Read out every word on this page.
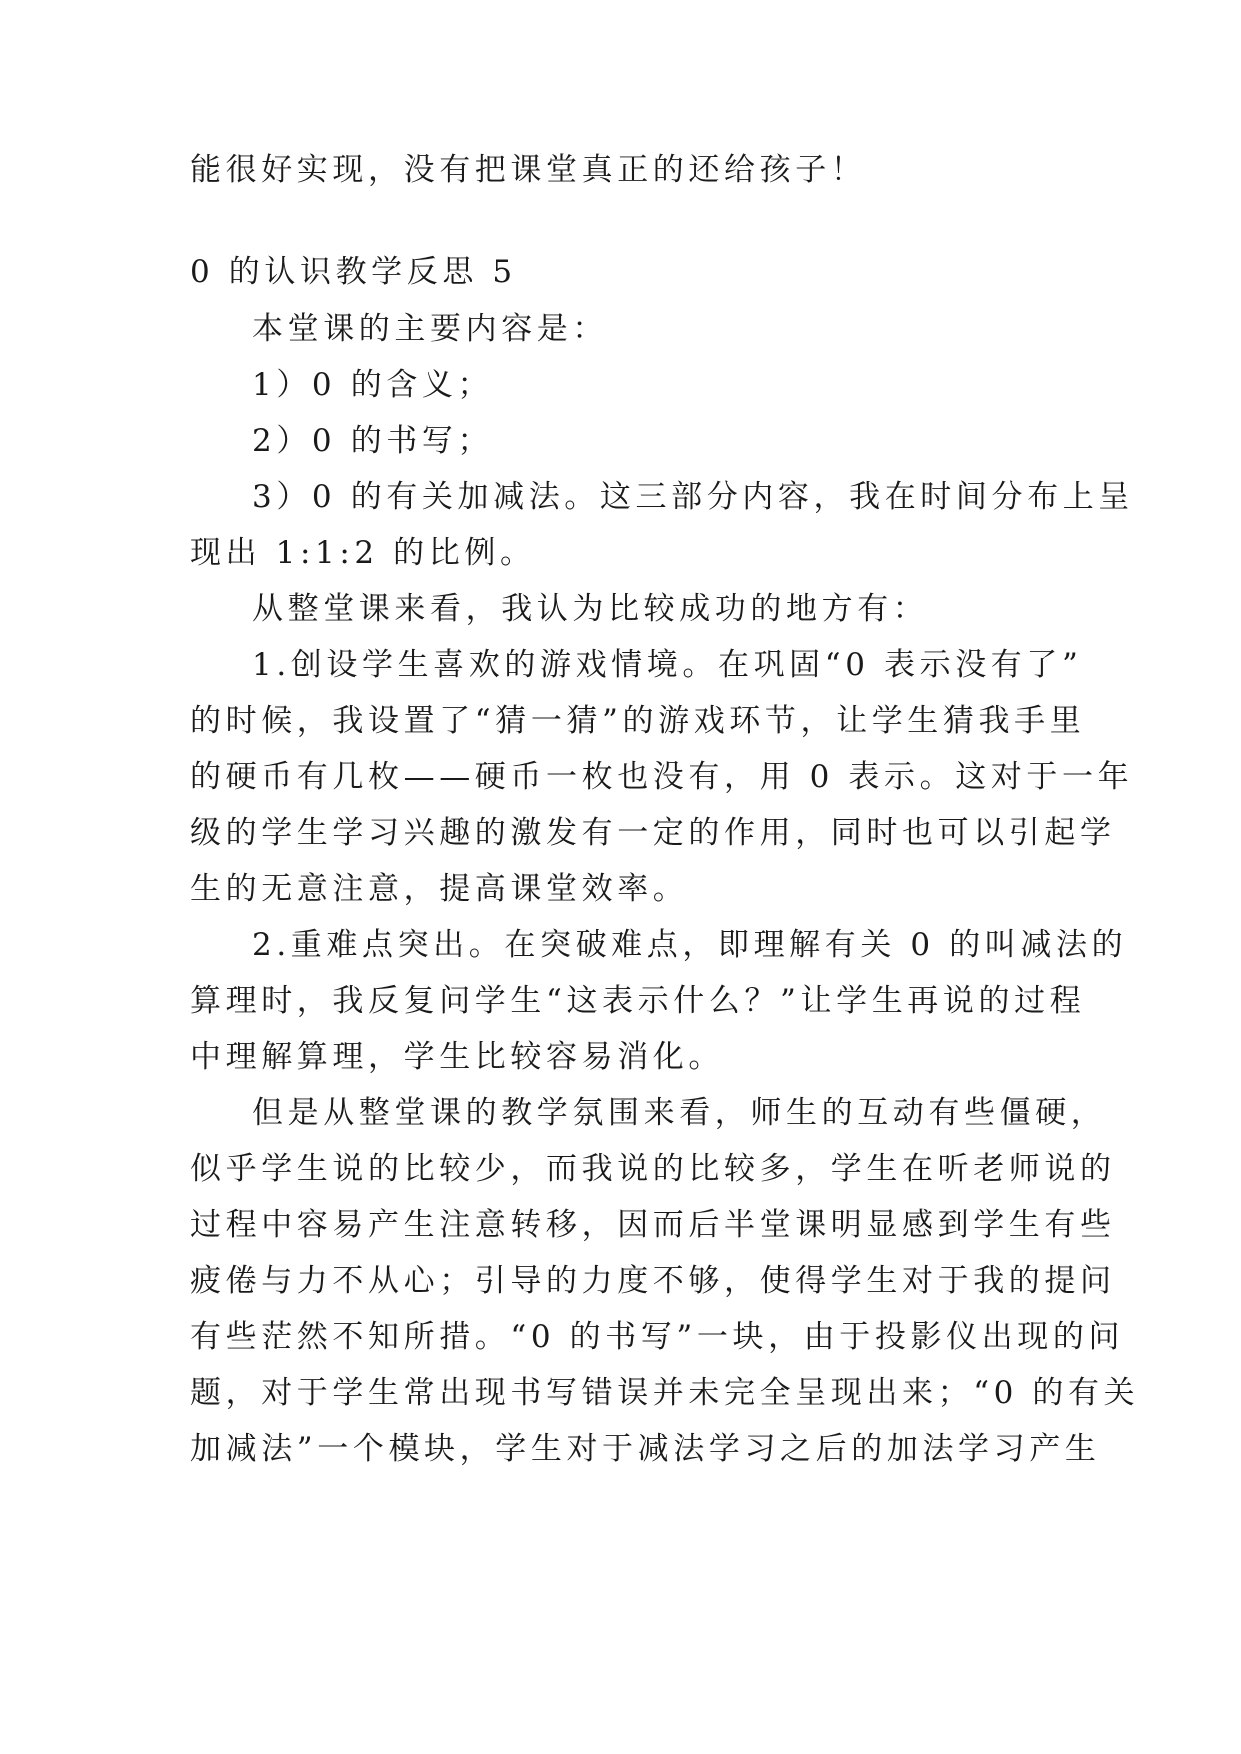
能很好实现，没有把课堂真正的还给孩子！
0 的认识教学反思 5
本堂课的主要内容是：
1）0 的含义；
2）0 的书写；
3）0 的有关加减法。这三部分内容，我在时间分布上呈
现出 1:1:2 的比例。
从整堂课来看，我认为比较成功的地方有：
1.创设学生喜欢的游戏情境。在巩固“0 表示没有了”
的时候，我设置了“猜一猜”的游戏环节，让学生猜我手里
的硬币有几枚——硬币一枚也没有，用 0 表示。这对于一年
级的学生学习兴趣的激发有一定的作用，同时也可以引起学
生的无意注意，提高课堂效率。
2.重难点突出。在突破难点，即理解有关 0 的叫减法的
算理时，我反复问学生“这表示什么？”让学生再说的过程
中理解算理，学生比较容易消化。
但是从整堂课的教学氛围来看，师生的互动有些僵硬，
似乎学生说的比较少，而我说的比较多，学生在听老师说的
过程中容易产生注意转移，因而后半堂课明显感到学生有些
疲倦与力不从心；引导的力度不够，使得学生对于我的提问
有些茫然不知所措。“0 的书写”一块，由于投影仪出现的问
题，对于学生常出现书写错误并未完全呈现出来；“0 的有关
加减法”一个模块，学生对于减法学习之后的加法学习产生
